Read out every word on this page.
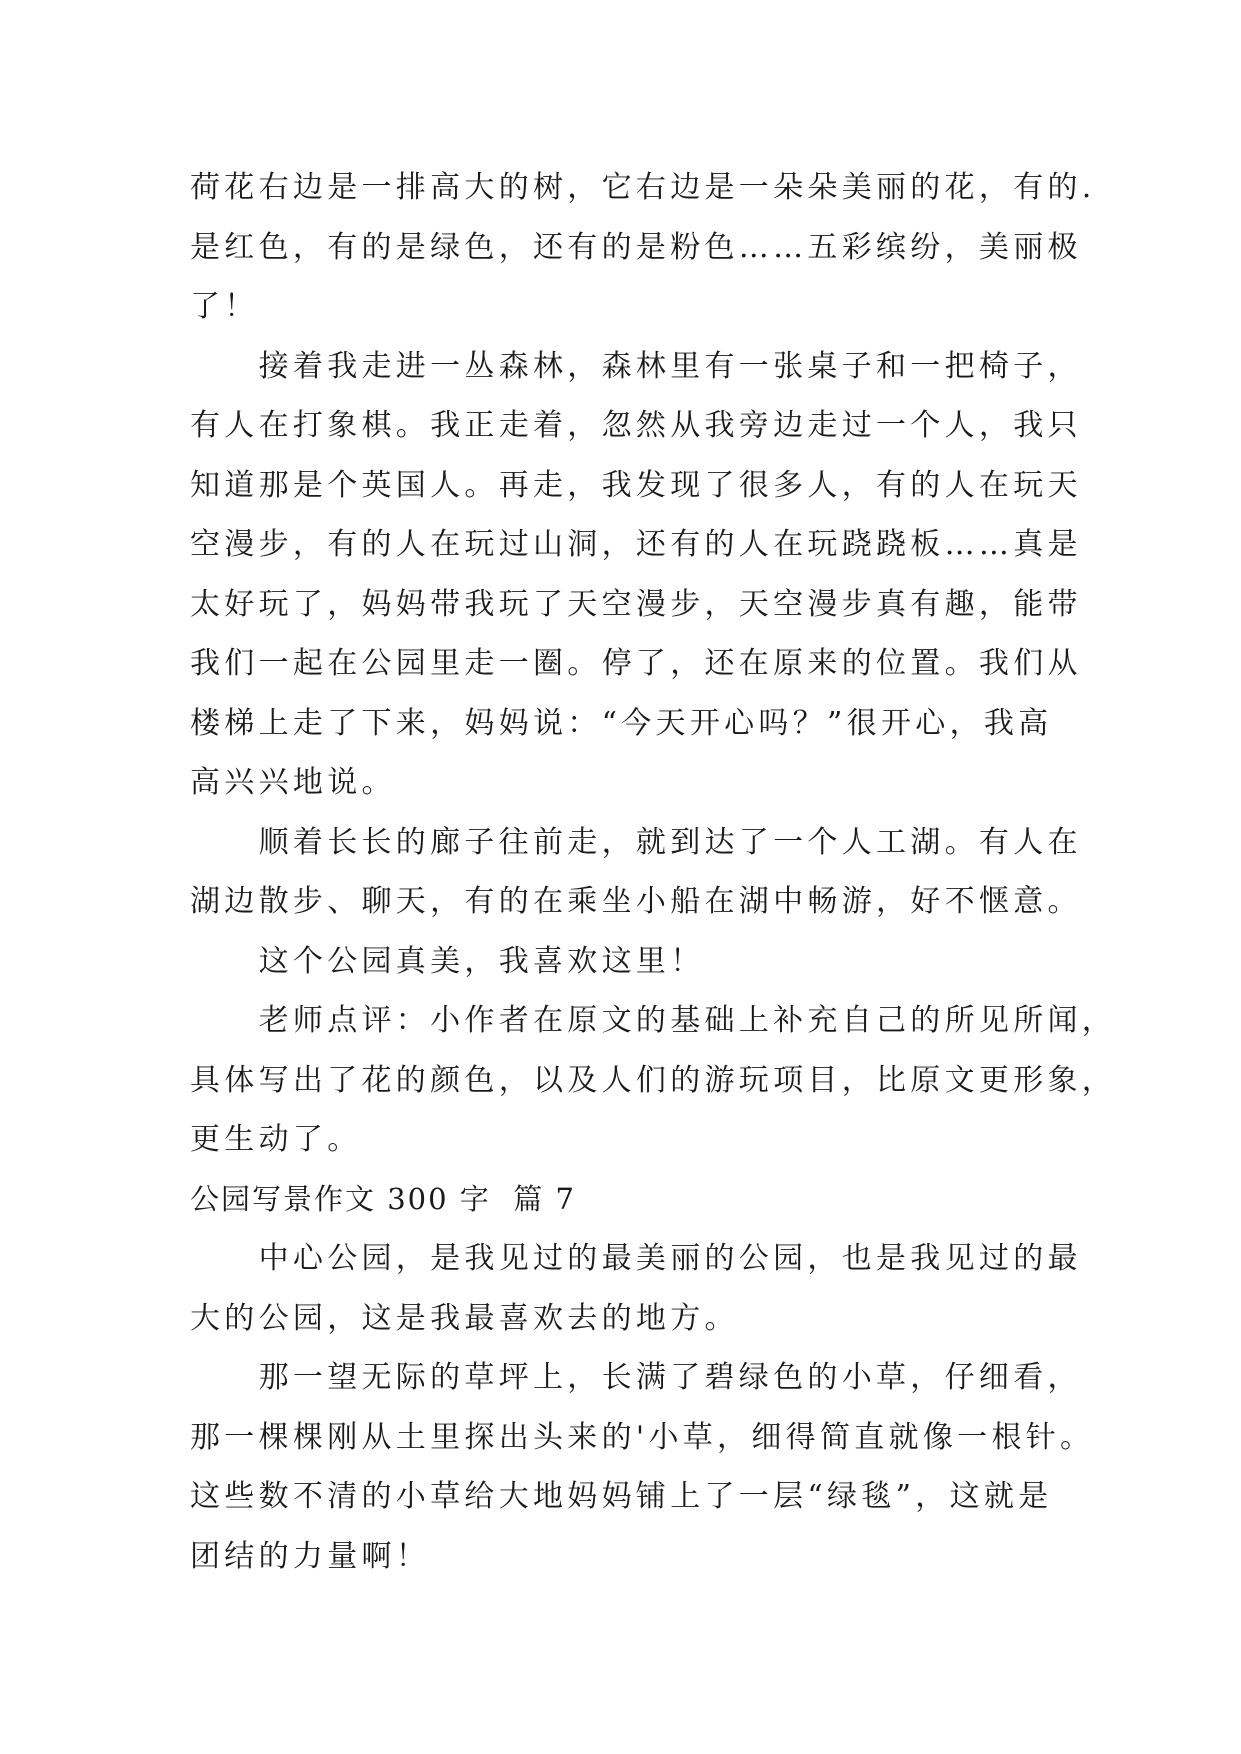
荷花右边是一排高大的树，它右边是一朵朵美丽的花，有的.
是红色，有的是绿色，还有的是粉色……五彩缤纷，美丽极
了！
　　接着我走进一丛森林，森林里有一张桌子和一把椅子，
有人在打象棋。我正走着，忽然从我旁边走过一个人，我只
知道那是个英国人。再走，我发现了很多人，有的人在玩天
空漫步，有的人在玩过山洞，还有的人在玩跷跷板……真是
太好玩了，妈妈带我玩了天空漫步，天空漫步真有趣，能带
我们一起在公园里走一圈。停了，还在原来的位置。我们从
楼梯上走了下来，妈妈说：“今天开心吗？”很开心，我高
高兴兴地说。
　　顺着长长的廊子往前走，就到达了一个人工湖。有人在
湖边散步、聊天，有的在乘坐小船在湖中畅游，好不惬意。
　　这个公园真美，我喜欢这里！
　　老师点评：小作者在原文的基础上补充自己的所见所闻，
具体写出了花的颜色，以及人们的游玩项目，比原文更形象，
更生动了。
公园写景作文 300 字  篇 7
　　中心公园，是我见过的最美丽的公园，也是我见过的最
大的公园，这是我最喜欢去的地方。
　　那一望无际的草坪上，长满了碧绿色的小草，仔细看，
那一棵棵刚从土里探出头来的'小草，细得简直就像一根针。
这些数不清的小草给大地妈妈铺上了一层“绿毯”，这就是
团结的力量啊！
